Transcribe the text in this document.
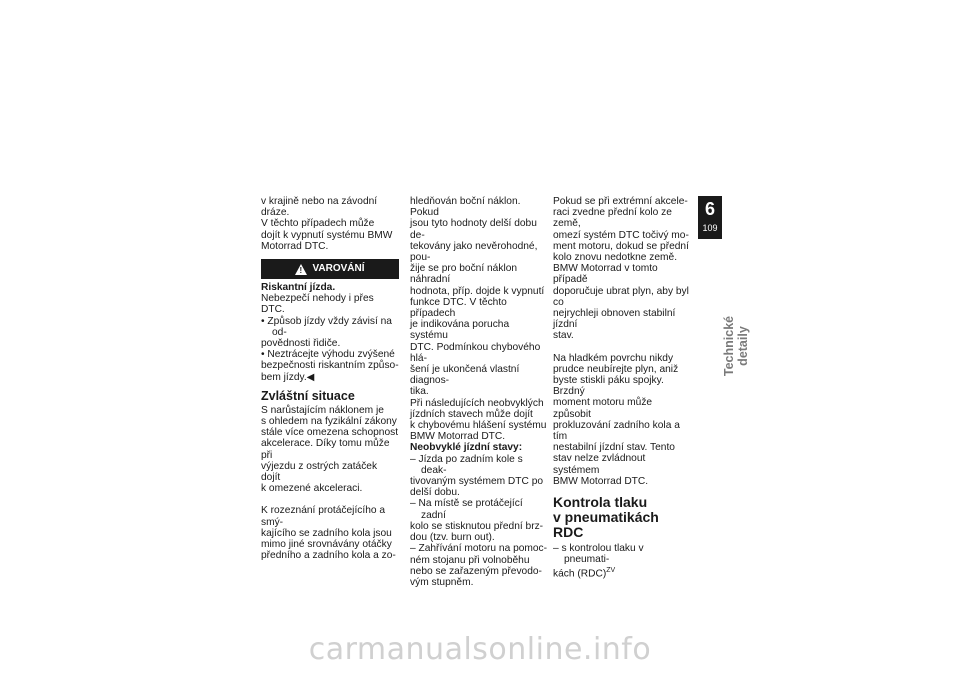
v krajině nebo na závodní dráze.

V těchto případech může

dojít k vypnutí systému BMW

Motorrad DTC.

! VAROVÁNÍ

Riskantní jízda.

Nebezpečí nehody i přes DTC.

• Způsob jízdy vždy závisí na od-

povědnosti řidiče.

• Neztrácejte výhodu zvýšené

bezpečnosti riskantním způso-

bem jízdy.◀

Zvláštní situace

S narůstajícím náklonem je

s ohledem na fyzikální zákony

stále více omezena schopnost

akcelerace. Díky tomu může při

výjezdu z ostrých zatáček dojít

k omezené akceleraci.

K rozeznání protáčejícího a smý-

kajícího se zadního kola jsou

mimo jiné srovnávány otáčky

předního a zadního kola a zo-

hledňován boční náklon. Pokud

jsou tyto hodnoty delší dobu de-

tekovány jako nevěrohodné, pou-

žije se pro boční náklon náhradní

hodnota, příp. dojde k vypnutí

funkce DTC. V těchto případech

je indikována porucha systému

DTC. Podmínkou chybového hlá-

šení je ukončená vlastní diagnos-

tika.

Při následujících neobvyklých

jízdních stavech může dojít

k chybovému hlášení systému

BMW Motorrad DTC.

Neobvyklé jízdní stavy:

– Jízda po zadním kole s deak-

tivovaným systémem DTC po

delší dobu.

– Na místě se protáčející zadní

kolo se stisknutou přední brz-

dou (tzv. burn out).

– Zahřívání motoru na pomoc-

ném stojanu při volnoběhu

nebo se zařazeným převodo-

vým stupněm.

Pokud se při extrémní akcele-

raci zvedne přední kolo ze země,

omezí systém DTC točivý mo-

ment motoru, dokud se přední

kolo znovu nedotkne země.

BMW Motorrad v tomto případě

doporučuje ubrat plyn, aby byl co

nejrychleji obnoven stabilní jízdní

stav.

Na hladkém povrchu nikdy

prudce neubírejte plyn, aniž

byste stiskli páku spojky. Brzdný

moment motoru může způsobit

prokluzování zadního kola a tím

nestabilní jízdní stav. Tento

stav nelze zvládnout systémem

BMW Motorrad DTC.

Kontrola tlaku
v pneumatikách RDC

– s kontrolou tlaku v pneumati-

kách (RDC)$^{ZV}$

6
109
Technické detaily
carmanualsonline.info
